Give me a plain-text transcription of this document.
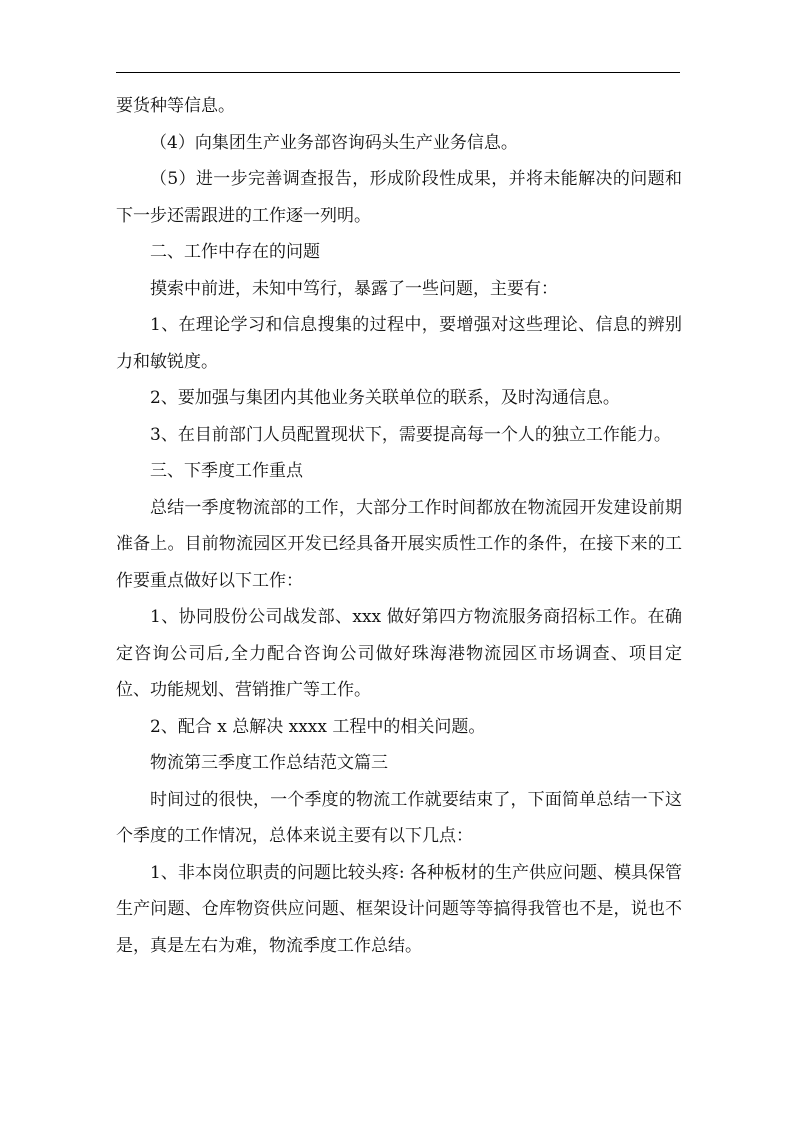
要货种等信息。

（4）向集团生产业务部咨询码头生产业务信息。

（5）进一步完善调查报告，形成阶段性成果，并将未能解决的问题和下一步还需跟进的工作逐一列明。

二、工作中存在的问题

摸索中前进，未知中笃行，暴露了一些问题，主要有：

1、在理论学习和信息搜集的过程中，要增强对这些理论、信息的辨别力和敏锐度。

2、要加强与集团内其他业务关联单位的联系，及时沟通信息。

3、在目前部门人员配置现状下，需要提高每一个人的独立工作能力。

三、下季度工作重点

总结一季度物流部的工作，大部分工作时间都放在物流园开发建设前期准备上。目前物流园区开发已经具备开展实质性工作的条件，在接下来的工作要重点做好以下工作：

1、协同股份公司战发部、xxx 做好第四方物流服务商招标工作。在确定咨询公司后,全力配合咨询公司做好珠海港物流园区市场调查、项目定位、功能规划、营销推广等工作。

2、配合 x 总解决 xxxx 工程中的相关问题。

物流第三季度工作总结范文篇三

时间过的很快，一个季度的物流工作就要结束了，下面简单总结一下这个季度的工作情况，总体来说主要有以下几点：

1、非本岗位职责的问题比较头疼: 各种板材的生产供应问题、模具保管生产问题、仓库物资供应问题、框架设计问题等等搞得我管也不是，说也不是，真是左右为难，物流季度工作总结。
